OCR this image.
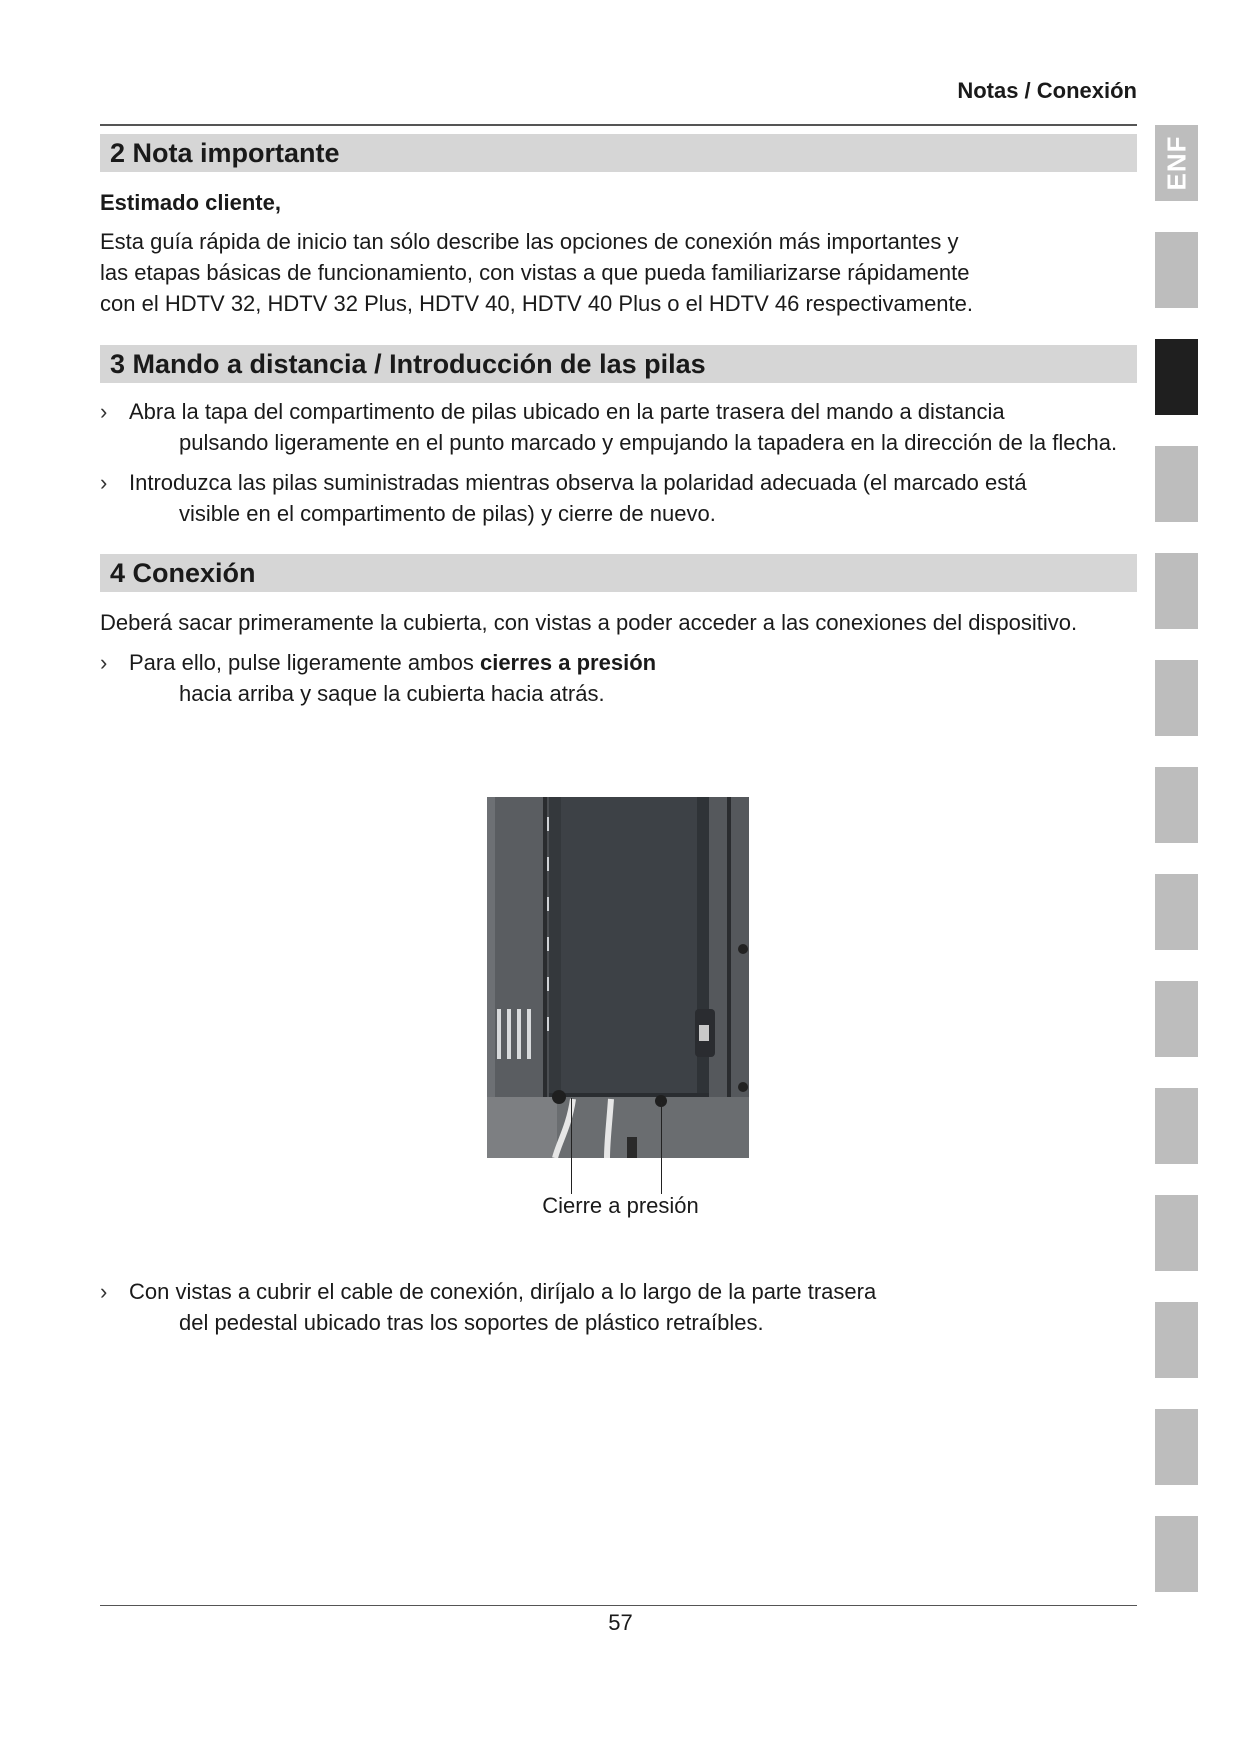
Notas / Conexión
ENF
2 Nota importante
Estimado cliente,
Esta guía rápida de inicio tan sólo describe las opciones de conexión más importantes y
las etapas básicas de funcionamiento, con vistas a que pueda familiarizarse rápidamente
con el HDTV 32, HDTV 32 Plus, HDTV 40, HDTV 40 Plus o el HDTV 46 respectivamente.
3 Mando a distancia / Introducción de las pilas
› Abra la tapa del compartimento de pilas ubicado en la parte trasera del mando a distancia
pulsando ligeramente en el punto marcado y empujando la tapadera en la dirección de la flecha.
› Introduzca las pilas suministradas mientras observa la polaridad adecuada (el marcado está
visible en el compartimento de pilas) y cierre de nuevo.
4 Conexión
Deberá sacar primeramente la cubierta, con vistas a poder acceder a las conexiones del dispositivo.
› Para ello, pulse ligeramente ambos cierres a presión
hacia arriba y saque la cubierta hacia atrás.
Cierre a presión
› Con vistas a cubrir el cable de conexión, diríjalo a lo largo de la parte trasera
del pedestal ubicado tras los soportes de plástico retraíbles.
57
